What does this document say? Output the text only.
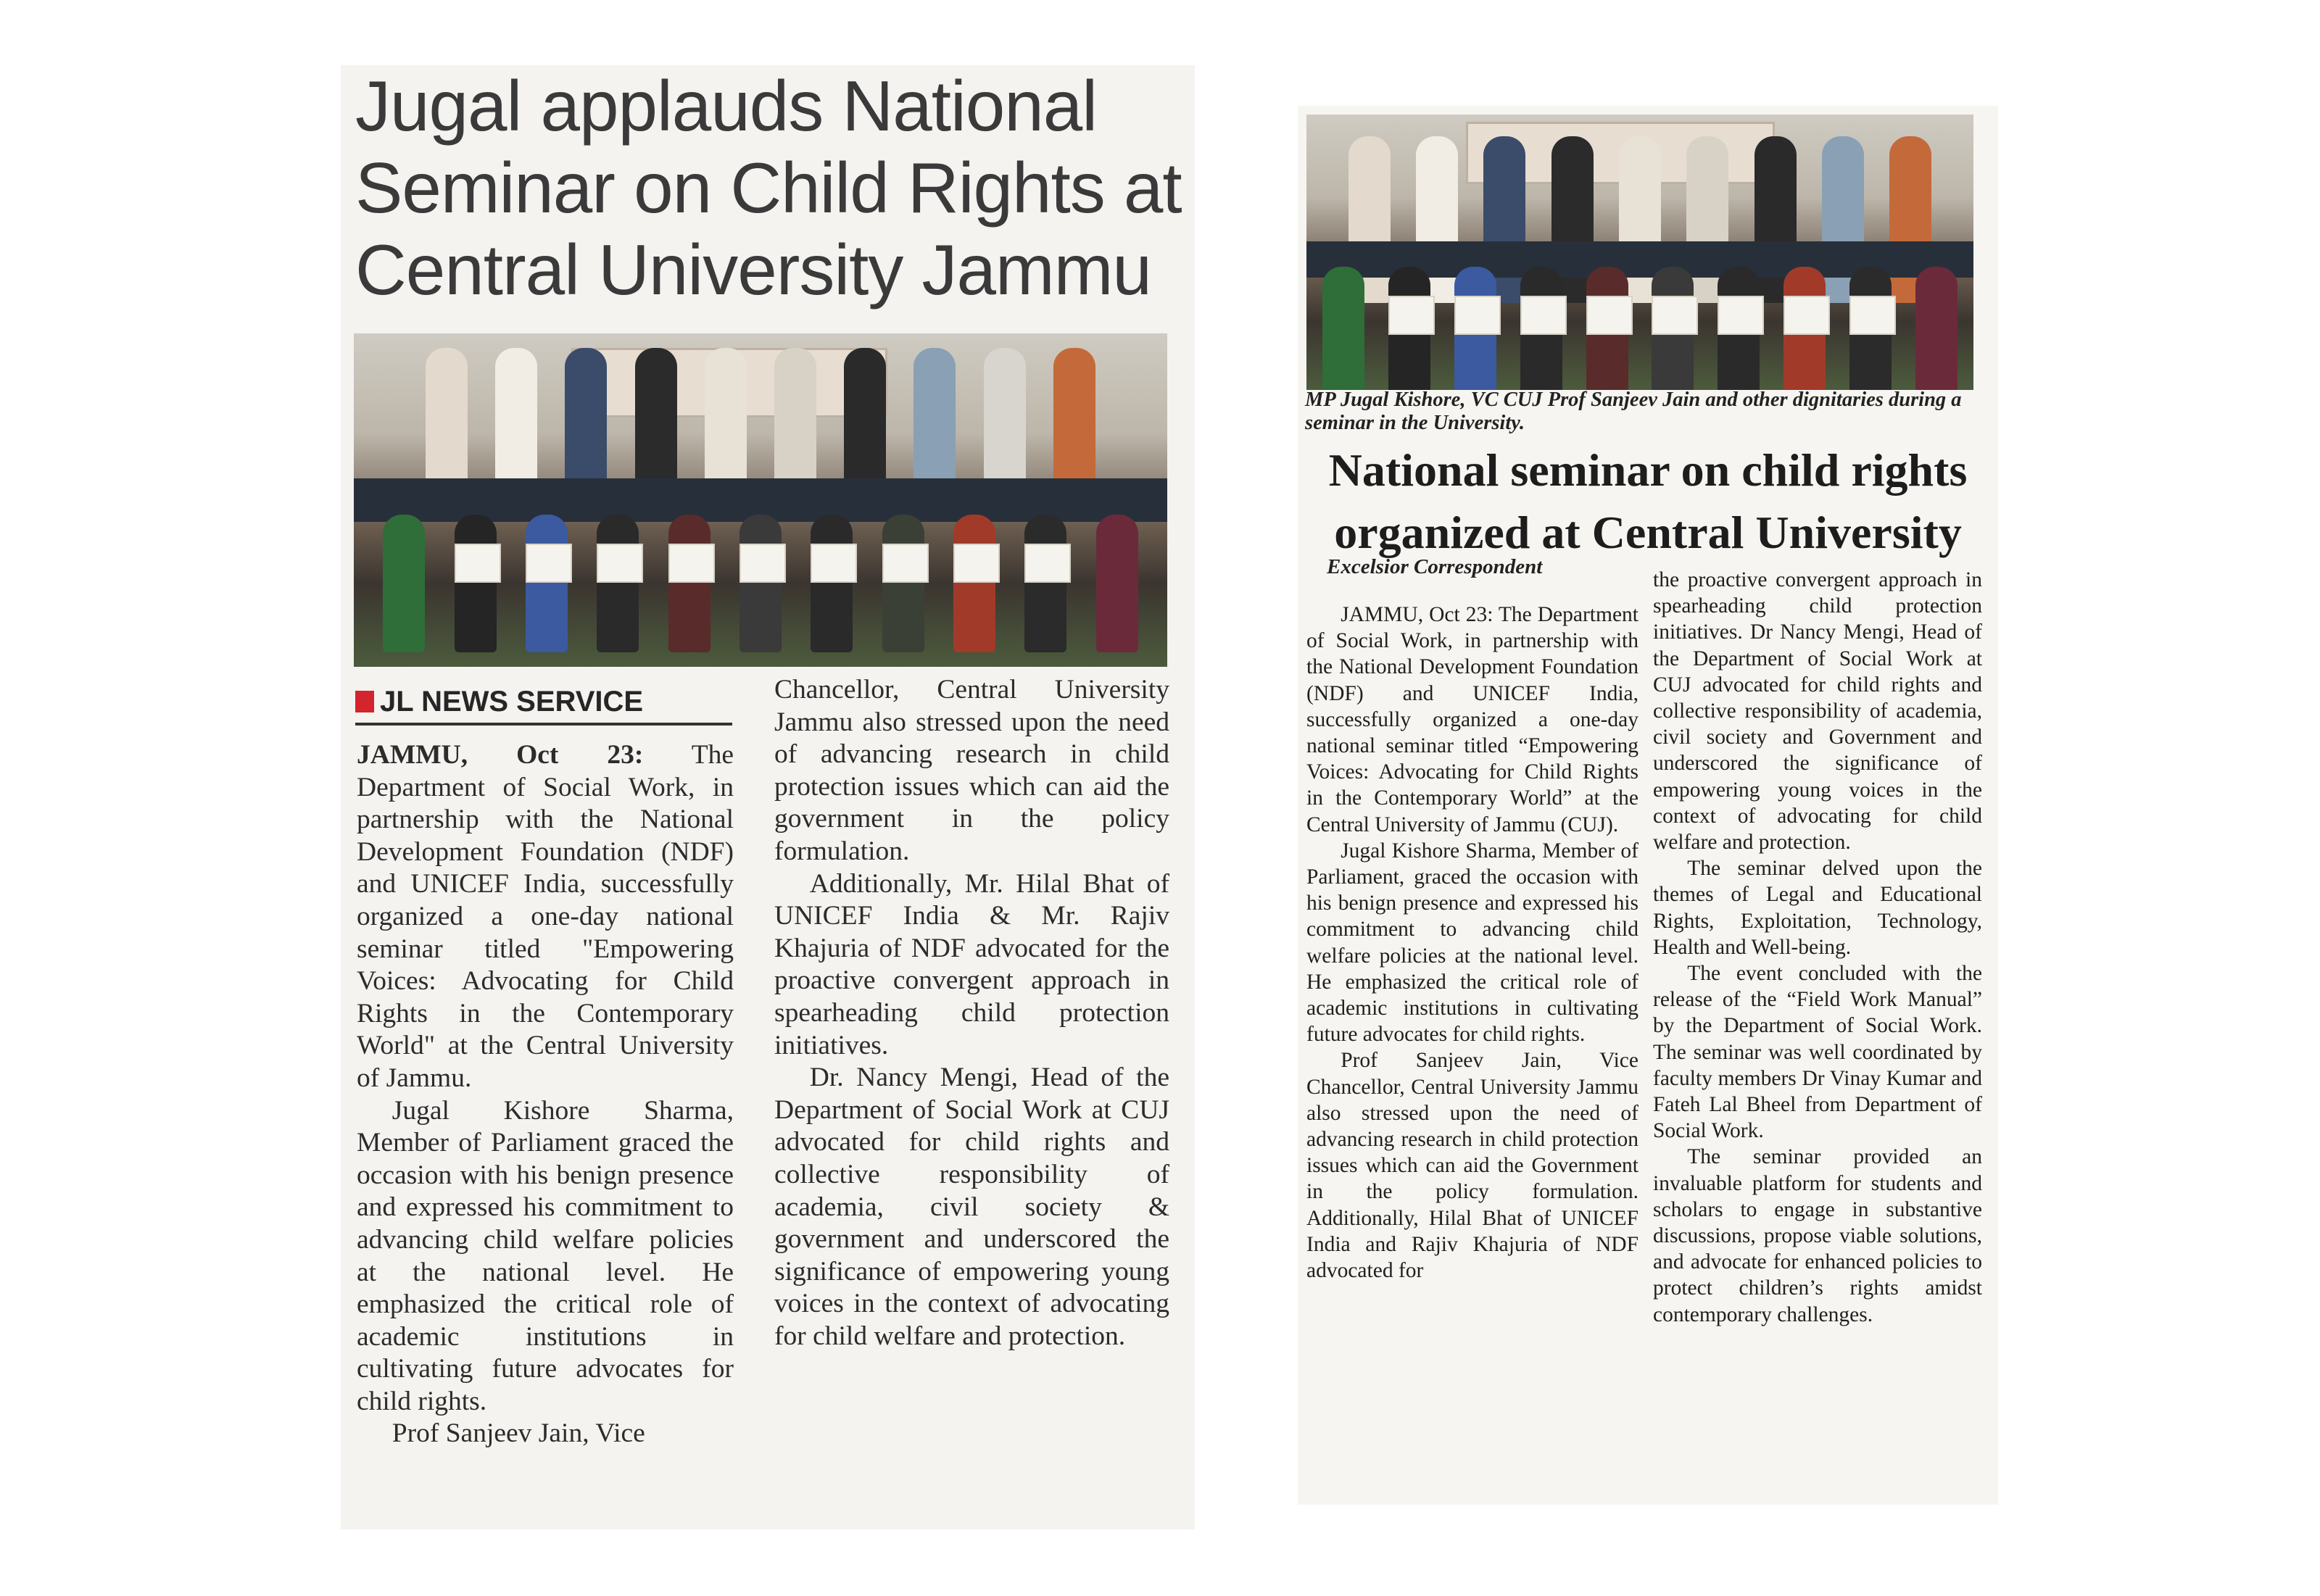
Jugal applauds National Seminar on Child Rights at Central University Jammu
JL NEWS SERVICE

JAMMU, Oct 23: The Department of Social Work, in partnership with the National Development Foundation (NDF) and UNICEF India, successfully organized a one-day national seminar titled "Empowering Voices: Advocating for Child Rights in the Contemporary World" at the Central University of Jammu.

Jugal Kishore Sharma, Member of Parliament graced the occasion with his benign presence and expressed his commitment to advancing child welfare policies at the national level. He emphasized the critical role of academic institutions in cultivating future advocates for child rights.

Prof Sanjeev Jain, Vice

Chancellor, Central University Jammu also stressed upon the need of advancing research in child protection issues which can aid the government in the policy formulation.

Additionally, Mr. Hilal Bhat of UNICEF India & Mr. Rajiv Khajuria of NDF advocated for the proactive convergent approach in spearheading child protection initiatives.

Dr. Nancy Mengi, Head of the Department of Social Work at CUJ advocated for child rights and collective responsibility of academia, civil society & government and underscored the significance of empowering young voices in the context of advocating for child welfare and protection.

MP Jugal Kishore, VC CUJ Prof Sanjeev Jain and other dignitaries during a seminar in the University.
National seminar on child rights organized at Central University
Excelsior Correspondent

JAMMU, Oct 23: The Department of Social Work, in partnership with the National Development Foundation (NDF) and UNICEF India, successfully organized a one-day national seminar titled “Empowering Voices: Advocating for Child Rights in the Contemporary World” at the Central University of Jammu (CUJ).

Jugal Kishore Sharma, Member of Parliament, graced the occasion with his benign presence and expressed his commitment to advancing child welfare policies at the national level. He emphasized the critical role of academic institutions in cultivating future advocates for child rights.

Prof Sanjeev Jain, Vice Chancellor, Central University Jammu also stressed upon the need of advancing research in child protection issues which can aid the Government in the policy formulation. Additionally, Hilal Bhat of UNICEF India and Rajiv Khajuria of NDF advocated for

the proactive convergent approach in spearheading child protection initiatives. Dr Nancy Mengi, Head of the Department of Social Work at CUJ advocated for child rights and collective responsibility of academia, civil society and Government and underscored the significance of empowering young voices in the context of advocating for child welfare and protection.

The seminar delved upon the themes of Legal and Educational Rights, Exploitation, Technology, Health and Well-being.

The event concluded with the release of the “Field Work Manual” by the Department of Social Work. The seminar was well coordinated by faculty members Dr Vinay Kumar and Fateh Lal Bheel from Department of Social Work.

The seminar provided an invaluable platform for students and scholars to engage in substantive discussions, propose viable solutions, and advocate for enhanced policies to protect children’s rights amidst contemporary challenges.
